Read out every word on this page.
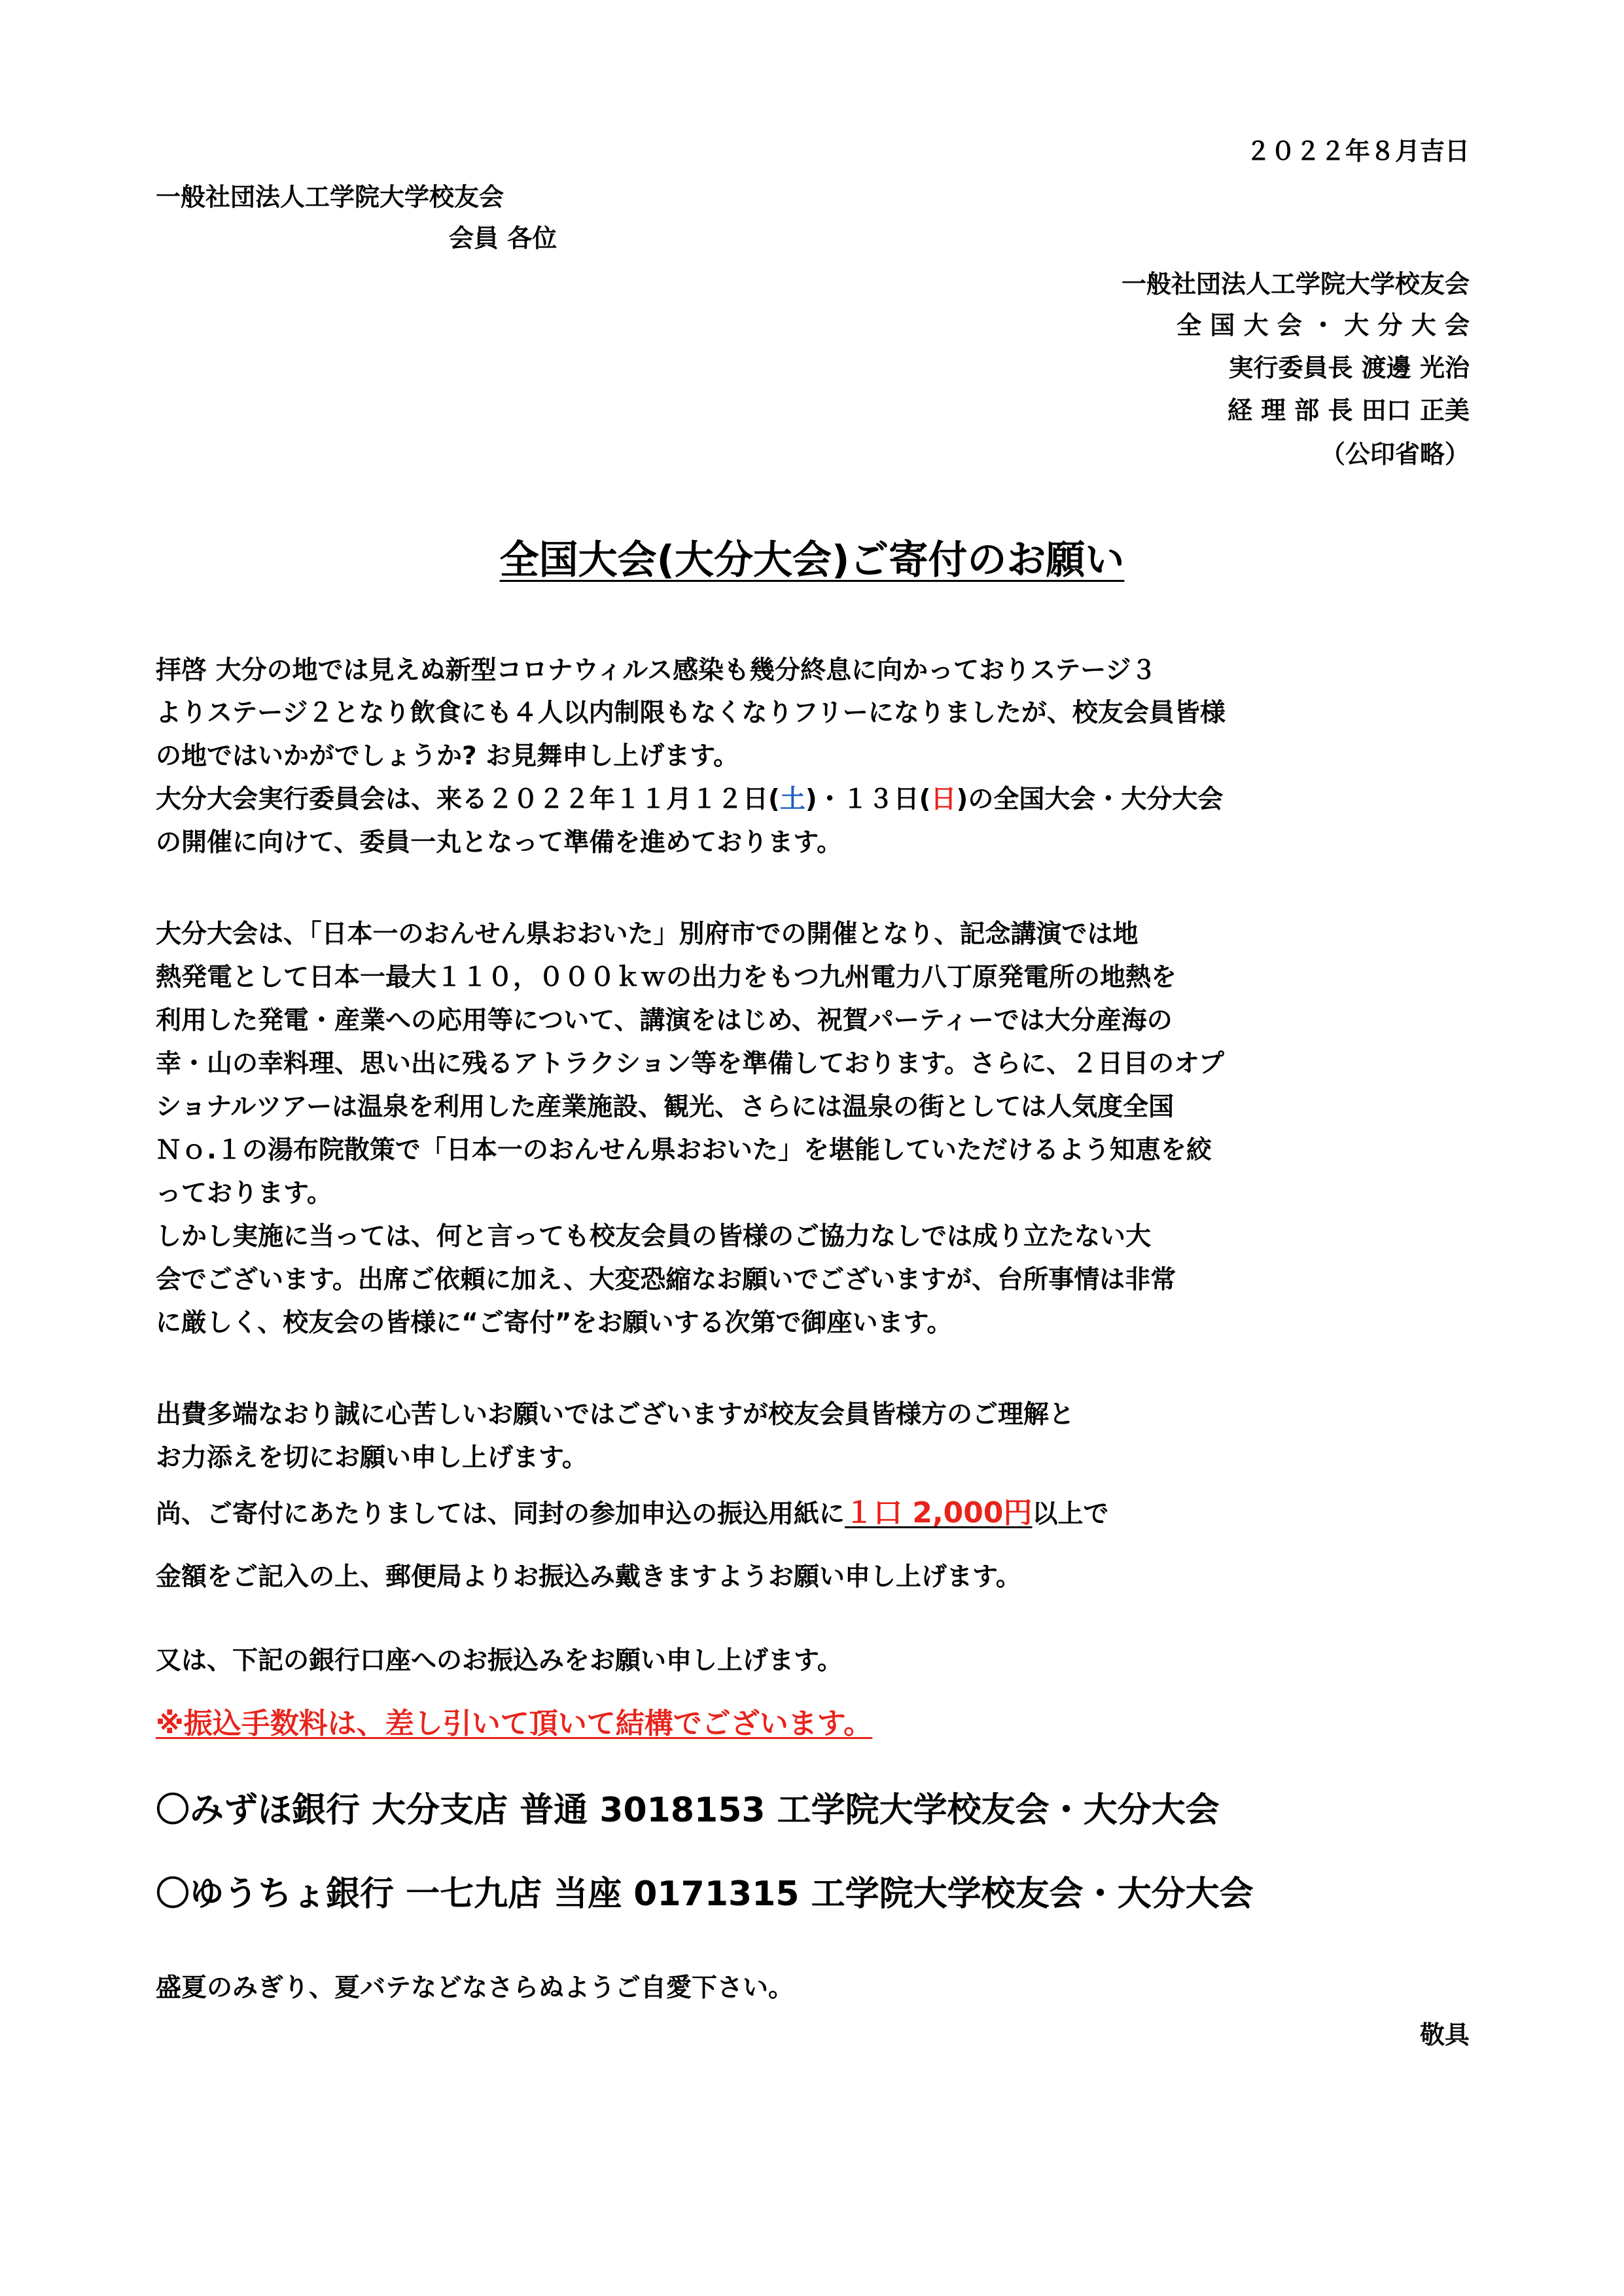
２０２２年８月吉日
一般社団法人工学院大学校友会
会員 各位
一般社団法人工学院大学校友会
全 国 大 会 ・ 大 分 大 会
実行委員長 渡邊 光治
経 理 部 長 田口 正美
（公印省略）
全国大会(大分大会)ご寄付のお願い
拝啓 大分の地では見えぬ新型コロナウィルス感染も幾分終息に向かっておりステージ３
よりステージ２となり飲食にも４人以内制限もなくなりフリーになりましたが、校友会員皆様
の地ではいかがでしょうか? お見舞申し上げます。
大分大会実行委員会は、来る２０２２年１１月１２日(土)・１３日(日)の全国大会・大分大会
の開催に向けて、委員一丸となって準備を進めております。
大分大会は、「日本一のおんせん県おおいた」別府市での開催となり、記念講演では地
熱発電として日本一最大１１０，０００ｋｗの出力をもつ九州電力八丁原発電所の地熱を
利用した発電・産業への応用等について、講演をはじめ、祝賀パーティーでは大分産海の
幸・山の幸料理、思い出に残るアトラクション等を準備しております。さらに、２日目のオプ
ショナルツアーは温泉を利用した産業施設、観光、さらには温泉の街としては人気度全国
Ｎｏ.１の湯布院散策で「日本一のおんせん県おおいた」を堪能していただけるよう知恵を絞
っております。
しかし実施に当っては、何と言っても校友会員の皆様のご協力なしでは成り立たない大
会でございます。出席ご依頼に加え、大変恐縮なお願いでございますが、台所事情は非常
に厳しく、校友会の皆様に“ご寄付”をお願いする次第で御座います。
出費多端なおり誠に心苦しいお願いではございますが校友会員皆様方のご理解と
お力添えを切にお願い申し上げます。
尚、ご寄付にあたりましては、同封の参加申込の振込用紙に１口 2,000円以上で
金額をご記入の上、郵便局よりお振込み戴きますようお願い申し上げます。
又は、下記の銀行口座へのお振込みをお願い申し上げます。
※振込手数料は、差し引いて頂いて結構でございます。
〇みずほ銀行 大分支店 普通 3018153 工学院大学校友会・大分大会
〇ゆうちょ銀行 一七九店 当座 0171315 工学院大学校友会・大分大会
盛夏のみぎり、夏バテなどなさらぬようご自愛下さい。
敬具
